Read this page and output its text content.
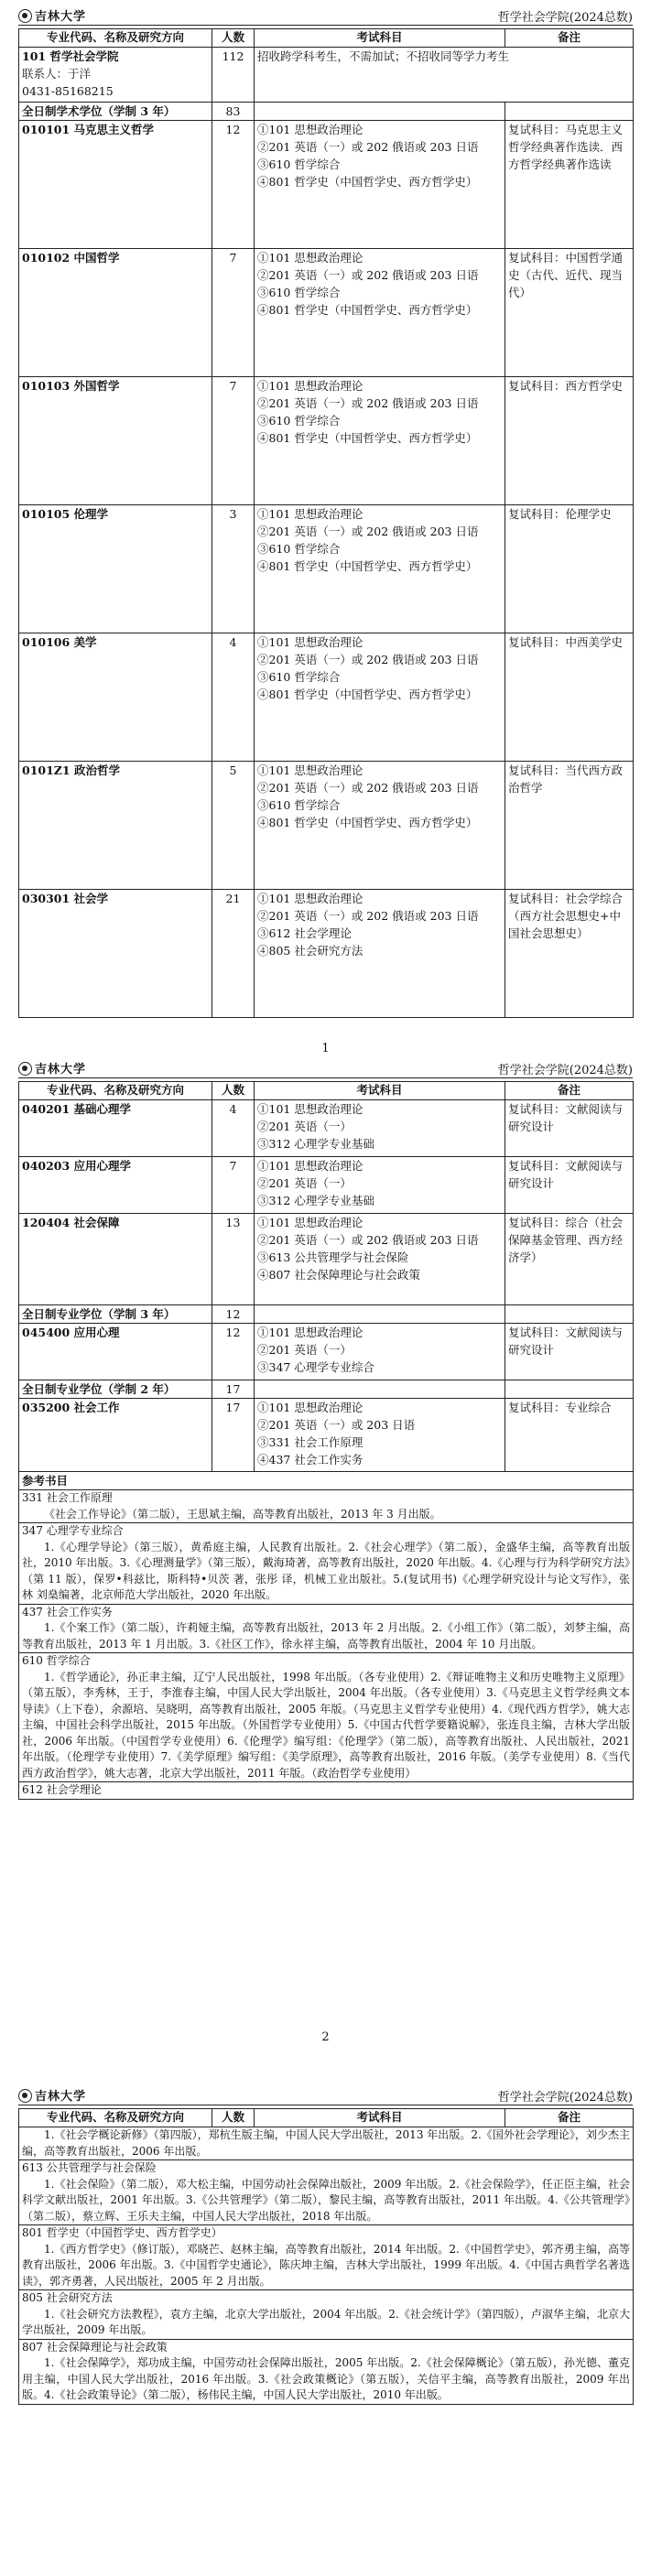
吉林大学	哲学社会学院(2024总数)
专业代码、名称及研究方向	人数	考试科目	备注

101 哲学社会学院
联系人：于洋
0431-85168215	112	招收跨学科考生，不需加试；不招收同等学力考生	
全日制学术学位（学制 3 年）	83		
010101 马克思主义哲学	12	①101 思想政治理论
②201 英语（一）或 202 俄语或 203 日语
③610 哲学综合
④801 哲学史（中国哲学史、西方哲学史）	复试科目：马克思主义哲学经典著作选读．西方哲学经典著作选读
010102 中国哲学	7	①101 思想政治理论
②201 英语（一）或 202 俄语或 203 日语
③610 哲学综合
④801 哲学史（中国哲学史、西方哲学史）	复试科目：中国哲学通史（古代、近代、现当代）
010103 外国哲学	7	①101 思想政治理论
②201 英语（一）或 202 俄语或 203 日语
③610 哲学综合
④801 哲学史（中国哲学史、西方哲学史）	复试科目：西方哲学史
010105 伦理学	3	①101 思想政治理论
②201 英语（一）或 202 俄语或 203 日语
③610 哲学综合
④801 哲学史（中国哲学史、西方哲学史）	复试科目：伦理学史
010106 美学	4	①101 思想政治理论
②201 英语（一）或 202 俄语或 203 日语
③610 哲学综合
④801 哲学史（中国哲学史、西方哲学史）	复试科目：中西美学史
0101Z1 政治哲学	5	①101 思想政治理论
②201 英语（一）或 202 俄语或 203 日语
③610 哲学综合
④801 哲学史（中国哲学史、西方哲学史）	复试科目：当代西方政治哲学
030301 社会学	21	①101 思想政治理论
②201 英语（一）或 202 俄语或 203 日语
③612 社会学理论
④805 社会研究方法	复试科目：社会学综合（西方社会思想史+中国社会思想史）
1
吉林大学	哲学社会学院(2024总数)
专业代码、名称及研究方向	人数	考试科目	备注
040201 基础心理学	4	①101 思想政治理论
②201 英语（一）
③312 心理学专业基础	复试科目：文献阅读与研究设计
040203 应用心理学	7	①101 思想政治理论
②201 英语（一）
③312 心理学专业基础	复试科目：文献阅读与研究设计
120404 社会保障	13	①101 思想政治理论
②201 英语（一）或 202 俄语或 203 日语
③613 公共管理学与社会保险
④807 社会保障理论与社会政策	复试科目：综合（社会保障基金管理、西方经济学）
全日制专业学位（学制 3 年）	12		
045400 应用心理	12	①101 思想政治理论
②201 英语（一）
③347 心理学专业综合	复试科目：文献阅读与研究设计
全日制专业学位（学制 2 年）	17		
035200 社会工作	17	①101 思想政治理论
②201 英语（一）或 203 日语
③331 社会工作原理
④437 社会工作实务	复试科目：专业综合
参考书目			

331 社会工作原理
《社会工作导论》（第二版），王思斌主编，高等教育出版社，2013 年 3 月出版。			

347 心理学专业综合
1.《心理学导论》（第三版），黄希庭主编，人民教育出版社。2.《社会心理学》（第二版），金盛华主编，高等教育出版社，2010 年出版。3.《心理测量学》（第三版），戴海琦著，高等教育出版社，2020 年出版。4.《心理与行为科学研究方法》（第 11 版），保罗•科兹比，斯科特•贝茨 著，张彤 译，机械工业出版社。5.(复试用书)《心理学研究设计与论文写作》，张林 刘燊编著，北京师范大学出版社，2020 年出版。			

437 社会工作实务
1.《个案工作》（第二版），许莉娅主编，高等教育出版社，2013 年 2 月出版。2.《小组工作》（第二版），刘梦主编，高等教育出版社，2013 年 1 月出版。3.《社区工作》，徐永祥主编，高等教育出版社，2004 年 10 月出版。			

610 哲学综合
1.《哲学通论》，孙正聿主编，辽宁人民出版社，1998 年出版。（各专业使用）2.《辩证唯物主义和历史唯物主义原理》（第五版），李秀林，王于，李淮春主编，中国人民大学出版社，2004 年出版。（各专业使用）3.《马克思主义哲学经典文本导读》（上下卷），余源培、吴晓明，高等教育出版社，2005 年版。（马克思主义哲学专业使用）4.《现代西方哲学》，姚大志主编，中国社会科学出版社，2015 年出版。（外国哲学专业使用）5.《中国古代哲学要籍说解》，张连良主编，吉林大学出版社，2006 年出版。（中国哲学专业使用）6.《伦理学》编写组：《伦理学》（第二版），高等教育出版社、人民出版社，2021 年出版。（伦理学专业使用）7.《美学原理》编写组：《美学原理》，高等教育出版社，2016 年版。（美学专业使用）8.《当代西方政治哲学》，姚大志著，北京大学出版社，2011 年版。（政治哲学专业使用）			

612 社会学理论			
2
吉林大学	哲学社会学院(2024总数)
专业代码、名称及研究方向	人数	考试科目	备注

1.《社会学概论新修》（第四版），郑杭生版主编，中国人民大学出版社，2013 年出版。2.《国外社会学理论》，刘少杰主编，高等教育出版社，2006 年出版。

613 公共管理学与社会保险
1.《社会保险》（第二版），邓大松主编，中国劳动社会保障出版社，2009 年出版。2.《社会保险学》，任正臣主编，社会科学文献出版社，2001 年出版。3.《公共管理学》（第二版），黎民主编，高等教育出版社，2011 年出版。4.《公共管理学》（第二版），蔡立辉、王乐夫主编，中国人民大学出版社，2018 年出版。

801 哲学史（中国哲学史、西方哲学史）
1.《西方哲学史》（修订版），邓晓芒、赵林主编，高等教育出版社，2014 年出版。2.《中国哲学史》，郭齐勇主编，高等教育出版社，2006 年出版。3.《中国哲学史通论》，陈庆坤主编，吉林大学出版社，1999 年出版。4.《中国古典哲学名著选读》，郭齐勇著，人民出版社，2005 年 2 月出版。

805 社会研究方法
1.《社会研究方法教程》，袁方主编，北京大学出版社，2004 年出版。2.《社会统计学》（第四版），卢淑华主编，北京大学出版社，2009 年出版。

807 社会保障理论与社会政策
1.《社会保障学》，郑功成主编，中国劳动社会保障出版社，2005 年出版。2.《社会保障概论》（第五版），孙光德、董克用主编，中国人民大学出版社，2016 年出版。3.《社会政策概论》（第五版），关信平主编，高等教育出版社，2009 年出版。4.《社会政策导论》（第二版），杨伟民主编，中国人民大学出版社，2010 年出版。
